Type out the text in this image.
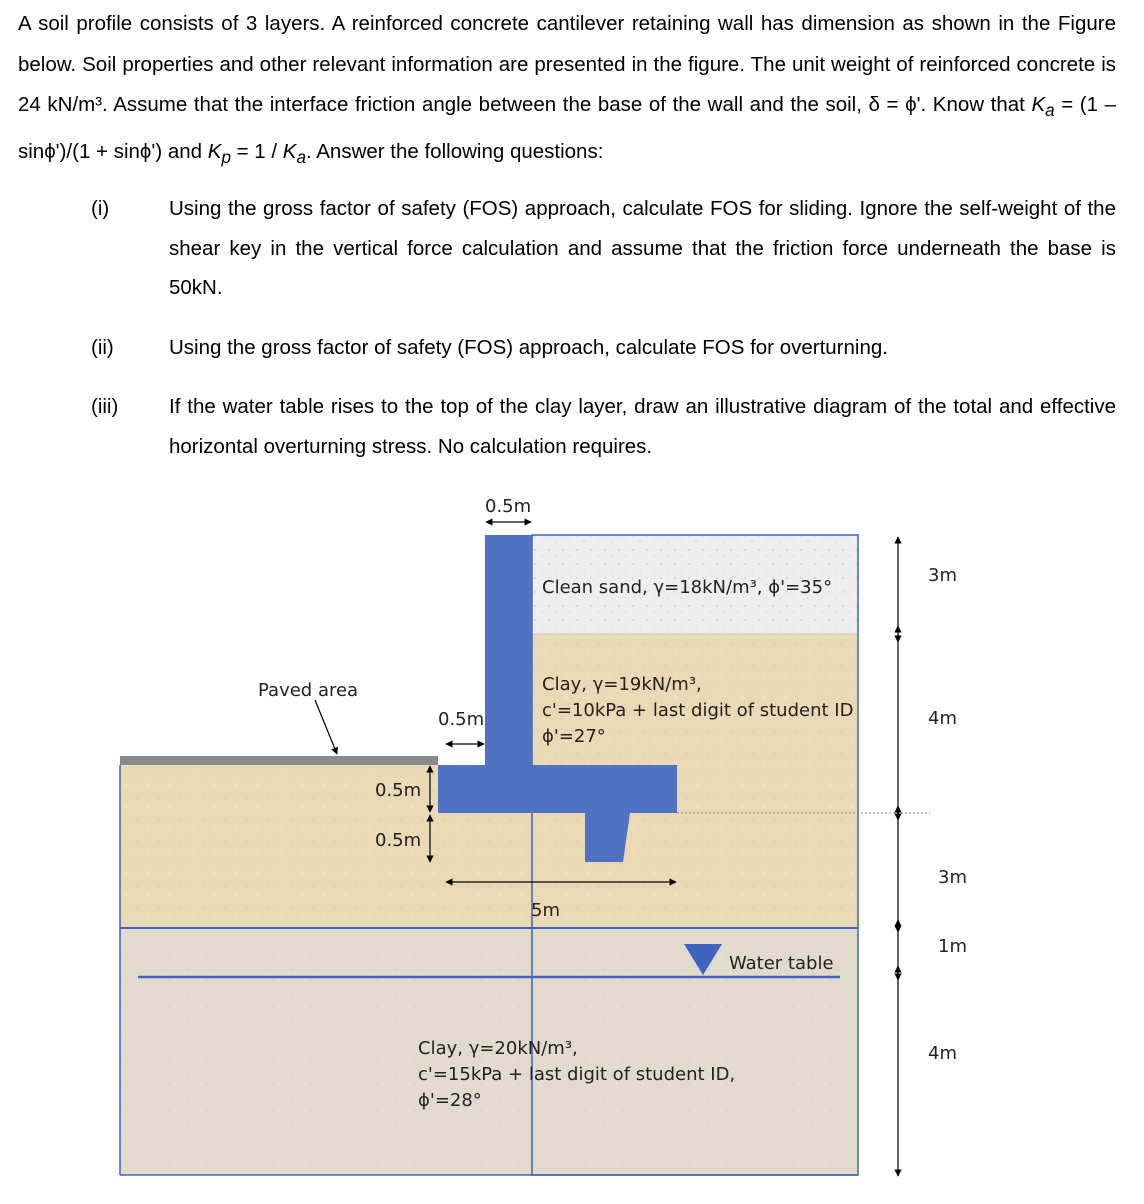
A soil profile consists of 3 layers. A reinforced concrete cantilever retaining wall has dimension as shown in the Figure below. Soil properties and other relevant information are presented in the figure. The unit weight of reinforced concrete is 24 kN/m³. Assume that the interface friction angle between the base of the wall and the soil, δ = ϕ'. Know that $K_a = (1 - \sin\phi')/(1 + \sin\phi')$ and $K_p = 1 / K_a$. Answer the following questions:

(i)	Using the gross factor of safety (FOS) approach, calculate FOS for sliding. Ignore the self-weight of the shear key in the vertical force calculation and assume that the friction force underneath the base is 50kN.
(ii)	Using the gross factor of safety (FOS) approach, calculate FOS for overturning.
(iii) If the water table rises to the top of the clay layer, draw an illustrative diagram of the total and effective horizontal overturning stress. No calculation requires.
Water table
Clean sand, γ=18kN/m³, ϕ'=35°
Clay, γ=19kN/m³,
c'=10kPa + last digit of student ID
ϕ'=27°
Clay, γ=20kN/m³,
c'=15kPa + last digit of student ID,
ϕ'=28°
Paved area
0.5m
0.5m
0.5m
0.5m
5m
3m
4m
3m
1m
4m
